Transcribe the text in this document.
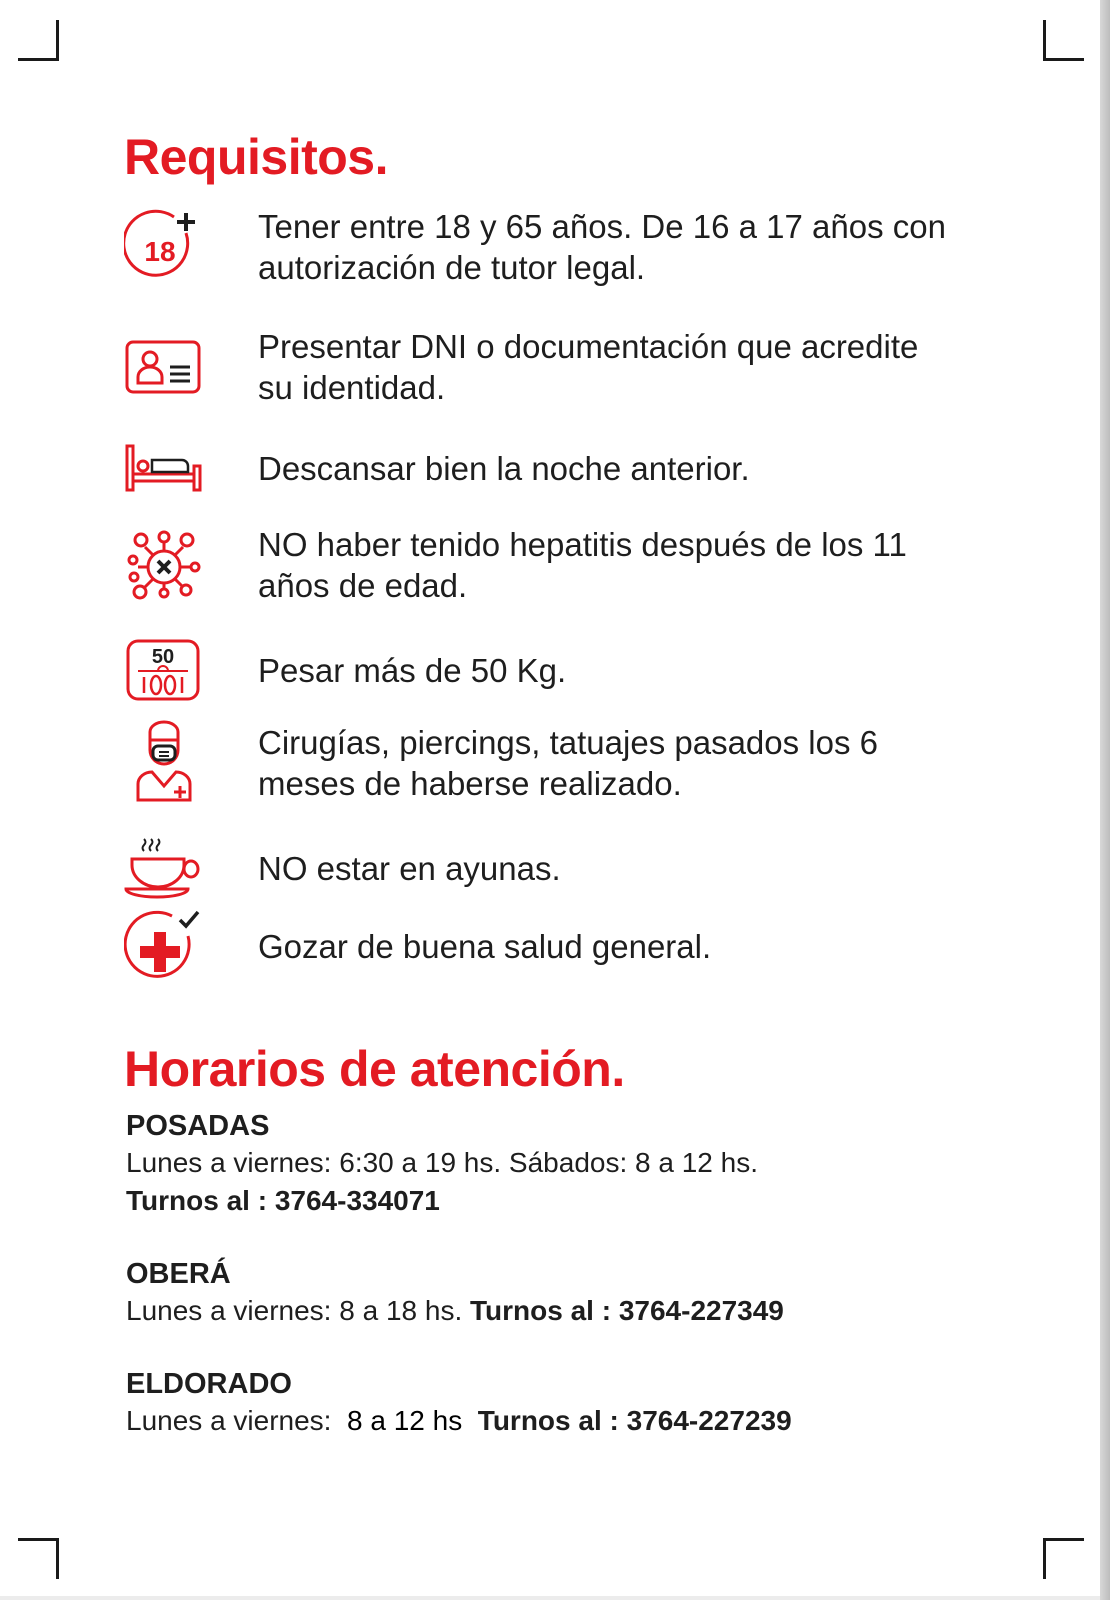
Requisitos.
18
Tener entre 18 y 65 años. De 16 a 17 años con autorización de tutor legal.
Presentar DNI o documentación que acredite su identidad.
Descansar bien la noche anterior.
NO haber tenido hepatitis después de los 11 años de edad.
50	Pesar más de 50 Kg.
Cirugías, piercings, tatuajes pasados los 6 meses de haberse realizado.
NO estar en ayunas.
Gozar de buena salud general.
Horarios de atención.
POSADAS
Lunes a viernes: 6:30 a 19 hs. Sábados: 8 a 12 hs.
Turnos al : 3764-334071
OBERÁ
Lunes a viernes: 8 a 18 hs. Turnos al : 3764-227349
ELDORADO
Lunes a viernes:  8 a 12 hs  Turnos al : 3764-227239
